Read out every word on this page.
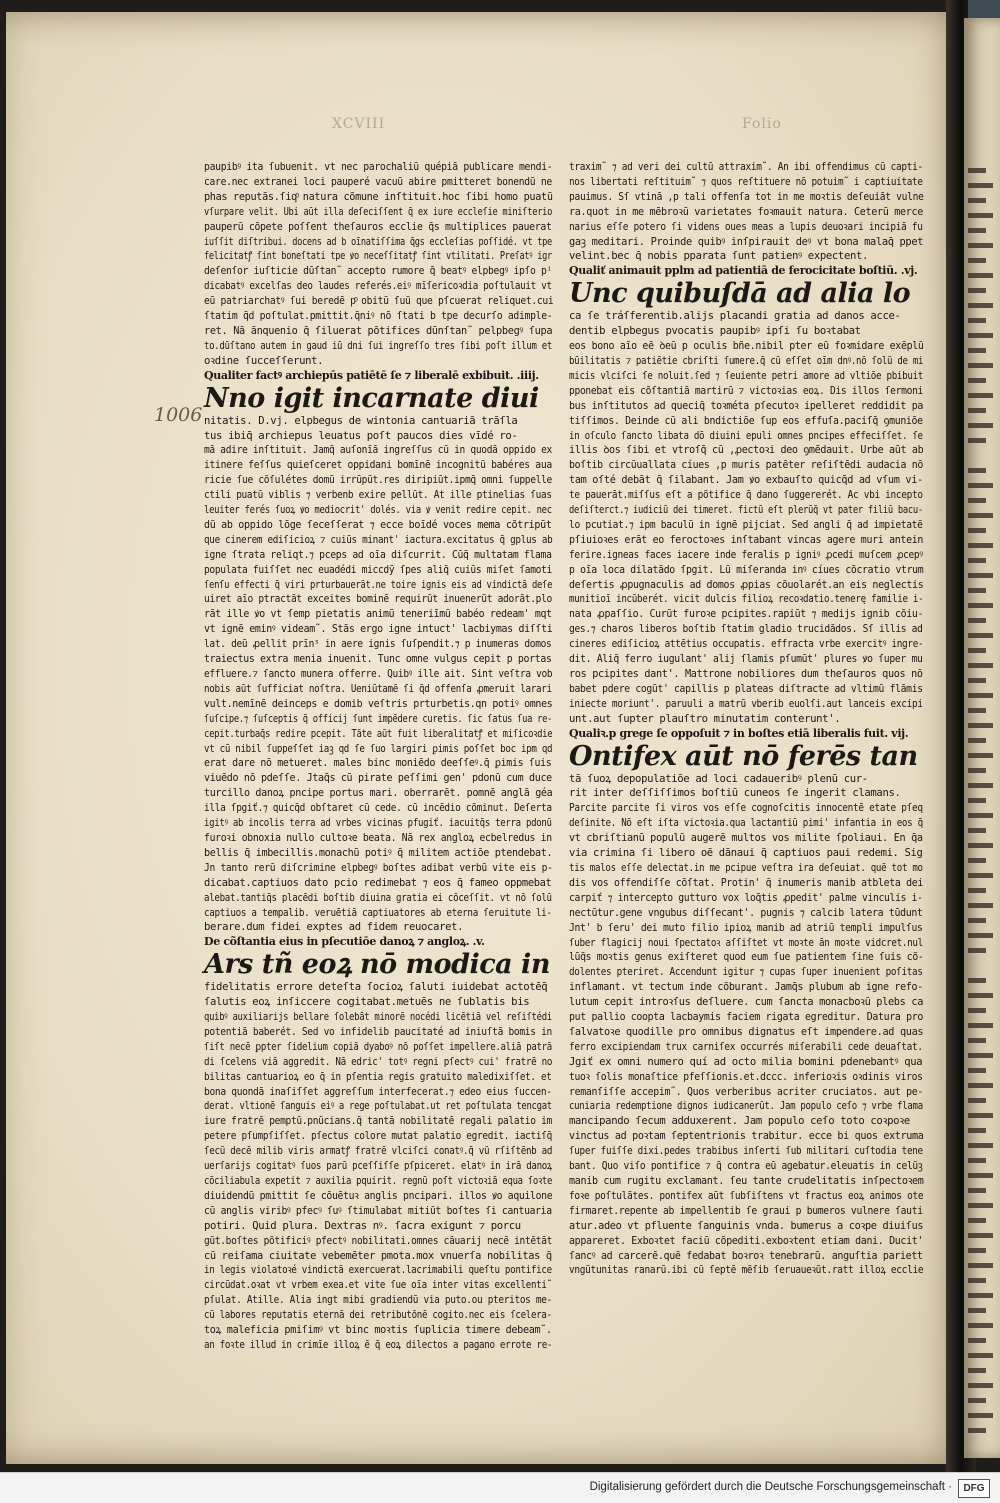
XCVIII	Folio
1006

paupibꝰ ita ſubuenit. vt nec parochaliū quépiā publicare mendi-

care.nec extranei loci pauperé vacuū abire pmitteret bonendū ne

phas reputās.ſiqͦ natura cõmune inſtituit.hoc ſibi homo puatū

vſurpare velit. Ubi aūt illa deſeciſſent q̄ ex iure eccleſie miniſterio

pauperū cõpete poſſent theſauros ecclie q̄s multiplices pauerat

iuſſit diſtribui. docens ad b oīnatiſſima q̄gs eccleſias poſſidé. vt tpe

felicitatꝭ ſint boneſtati tpe ꝟo neceſſitatꝭ ſint vtilitati. Preſatꝰ igr

deſenſor iuſticie dūſtan˜ accepto rumore q̄ beatꝰ elpbegꝰ ipſo pⁱ

dicabatꝰ excelſas deo laudes referés.eiꝰ mīſericoꝛdia poſtulauit vt

eū patriarchatꝰ ſui beredē pͦ obitū ſuū que pſcuerat reliquet.cui

ſtatim q̄d poſtulat.pmittit.q̄niꝰ nō ſtati b tpe decurſo adimple-

ret. Nā ānquenio q̄ ſiluerat põtifices dūnſtan˜ pelpbegꝰ ſupa

to.dūſtano autem in gaud iū dni ſui ingreſſo tres ſibi poſt illum et

oꝛdine ſucceſſerunt.

Qualiter factꝰ archiepūs patiētē ſe ⁊ liberalē exbibuit. .iiij.

Nno igit incarnate diui

nitatis. D.vj. elpbegus de wintonia cantuariā trāſla

tus ibiq̄ archiepus leuatus poſt paucos dies vīdé ro-

mā adire inſtituit. Jamq̄ auſonīā ingreſſus cū in quodā oppido ex

itinere feſſus quieſceret oppidani bomīnē incognitū babéres aua

ricie ſue cõſulétes domū irrūpūt.res diripiūt.ipmq̄ omni ſuppelle

ctili puatū viblis ⁊ verbenb exire pellūt. At ille ptinelias ſuas

leuiter ferés ſuoꝝ ꝟo mediocrit' dolés. via ꝟ venit redire cepit. nec

dū ab oppido lōge ſeceſſerat ⁊ ecce boīdé voces mema cõtripūt

que cinerem ediſicioꝝ ⁊ cuiūs minant' iactura.excitatus q̄ gplus ab

igne ſtrata reliqt.⁊ pceps ad oīa diſcurrit. Cūq̄ multatam flama

populata fuiſſet nec euadédi miccdȳ ſpes aliq̄ cuiūs miſet ſamoti

ſenſu effecti q̄ viri prturbauerāt.ne toire ignis eis ad vindictā deſe

uiret aīo ptractāt exceites bominē requirūt inuenerūt adorāt.plo

rāt ille ꝟo vt ſemp pietatis animū teneriīmū babéo redeam' mqt

vt ignē eminꝰ videam˜. Stās ergo igne intuct' lacbiymas diſſti

lat. deū ꝓellit prīnˢ in aere ignis ſuſpendit.⁊ p inumeras domos

traiectus extra menia inuenit. Tunc omne vulgus cepit p portas

effluere.⁊ ſancto munera offerre. Quibꝰ ille ait. Sint veſtra vob

nobis aūt ſufficiat noſtra. Ueniūtamē ſi q̄d offenſa ꝓmeruit larari

vult.nemīnē deinceps e domib veſtris prturbetis.qn potiꝰ omnes

ſuſcipe.⁊ ſuſceptis q̄ officij ſunt impēdere curetis. ſic ſatus ſua re-

cepit.turbaq̄s redire pcepit. Tāte aūt fuit liberalitatꝭ et miſicoꝛdie

vt cū nibil ſuppeſſet iaꝫ qd ſe ſuo largiri ꝑimis poſſet boc ipm qd

erat dare nō metueret. males binc moniēdo deeſſeꝰ.q̄ ꝑimis ſuis

viuēdo nō pdeſſe. Jtaq̄s cū pirate peſſimi gen' pdonū cum duce

turcillo danoꝝ pncipe portus mari. oberrarēt. pomnē anglā géa

illa ſpgiť.⁊ quicq̄d obſtaret cū cede. cū incēdio cõminut. Deſerta

igitꝰ ab incolis terra ad vrbes vicinas pfugiť. iacuitq̄s terra pdonū

furoꝛi obnoxia nullo cultoꝛe beata. Nā rex angloꝝ ecbelredus in

bellis q̄ imbecillis.monachū potiꝰ q̄ militem actiōe ptendebat.

Jn tanto rerū diſcrimine elpbegꝰ boſtes adibat verbū vite eis p-

dicabat.captiuos dato pcio redimebat ⁊ eos q̄ fameo oppmebat

alebat.tantiq̄s placēdi boſtib diuina gratia ei cõceſſit. vt nō ſolū

captiuos a tempalib. veruētiā captiuatores ab eterna ſeruitute li-

berare.dum fidei exptes ad fidem reuocaret.

De cõſtantia eius in pſecutiōe danoꝝ ⁊ angloꝝ. .v.

Ars tñ eoꝝ nō modica in

fidelitatis errore deteſta ſocioꝝ ſaluti iuidebat actotēq̄

ſalutis eoꝝ inſiccere cogitabat.metuēs ne ſublatis bis

quibꝰ auxiliarijs bellare ſolebāt minorē nocédi licētiā vel reſiſtédi

potentiā baberét. Sed vo infidelib paucitaté ad iniuſtā bomis in

ſiſt necē ꝑpter ſidelium copiā dyaboꝰ nō poſſet impellere.aliā patrā

di ſcelens viā aggredit. Nā edric' totꝰ regni pſectꝰ cui' fratrē no

bilitas cantuarioꝝ eo q̄ in pſentia regis gratuito maledixiſſet. et

bona quondā inaſiſſet aggreſſum interfecerat.⁊ edeo eius ſuccen-

derat. vltionē ſanguis eiꝰ a rege poſtulabat.ut ret poſtulata tencgat

iure fratrē pemptū.pnūcians.q̄ tantā nobilitatē regali palatio im

petere pſumpſiſſet. pſectus colore mutat palatio egredit. iactiſq̄

ſecū decē milib viris armatꝭ fratrē vlciſci conatꝰ.q̄ vū rſiſtēnb ad

uerſarijs cogitatꝰ ſuos parū pceſſiſſe pſpiceret. elatꝰ in irā danoꝝ

cõciliabula expetit ⁊ auxilia pquirit. regnū poſt victoꝛiā equa ſoꝛte

diuidendū pmittit ſe cõuētuꝛ anglis pncipari. illos ꝟo aquilone

cū anglis viribꝰ pfecꝰ ſuꝰ ſtimulabat mitiūt boſtes ſi cantuaria

potiri. Quid plura. Dextras nꝰ. ſacra exigunt ⁊ porcu

gūt.boſtes põtificiꝰ pfectꝰ nobilitati.omnes cāuarij necē intētāt

cū reiſama ciuitate vebemēter pmota.mox vnuerſa nobilitas q̄

in legis violatoꝛé vindictā exercuerat.lacrimabili queſtu pontifice

circūdat.oꝛat vt vrbem exea.et vite ſue oīa inter vitas excellenti˜

pſulat. Atille. Alia ingt mibi gradiendū via puto.ou pteritos me-

cū labores reputatis eternā dei retributõnē cogito.nec eis ſcelera-

toꝝ maleficia pmiſimꝰ vt binc moꝛtis ſuplicia timere debeam˜.

an foꝛte illud in crimīe illoꝝ ē q̄ eoꝝ dilectos a pagano errote re-

traxim˜ ⁊ ad veri dei cultū attraxim˜. An ibi offendimus cū capti-

nos libertati reſtituim˜ ⁊ quos reſtituere nō potuim˜ i captiuitate

pauimus. Sſ vtinā ,p tali offenſa tot in me moꝛtis deſeuiāt vulne

ra.quot in me mēbroꝛū varietates foꝛmauit natura. Ceterū merce

narius eſſe potero ſi videns oues meas a lupis deuoꝛari incipiā fu

gaꝫ meditari. Proinde quibꝰ inſpirauit deꝰ vt bona malaq̄ ppet

velint.bec q̄ nobis pparata ſunt patienꝰ expectent.

Qualiť animauit pplm ad patientiā de ferocicitate boſtiū. .vj.

Unc quibuſdā ad alia lo

ca ſe tráſferentib.alijs placandi gratia ad danos acce-

dentib elpbegus pvocatis paupibꝰ ipſi ſu boꝛtabat

eos bono aīo eē ꝺeū p oculis bñe.nibil pter eū foꝛmidare exēplū

būilitatis ⁊ patiētie cbriſti ſumere.q̄ cū eſſet oīm dnꝰ.nō ſolū de mi

micis vlciſci ſe noluit.ſed ⁊ ſeuiente petri amore ad vltiōe pbibuit

pponebat eis cõſtantiā martirū ⁊ victoꝛias eoꝝ. Dis illos ſermoni

bus inſtitutos ad queciq̄ toꝛméta pſecutoꝛ ipelleret reddidit pa

tiſſimos. Deinde cū ali bndictiōe ſup eos effuſa.paciſq̄ ꝯmuniōe

in oſculo ſancto libata dō diuini epuli omnes pncipes effeciſſet. ſe

illis ꝺos ſibi et vtroſq̄ cū ,ꝓectoꝛi deo ꝯmēdauit. Urbe aūt ab

boſtib circūuallata cíues ,p muris patēter reſiſtēdi audacia nō

tam oſté debāt q̄ ſilabant. Jam ꝟo exbauſto quicq̄d ad vſum vi-

te pauerāt.miſſus eſt a põtifice q̄ dano ſuggererét. Ac vbi incepto

deſiſterct.⁊ iudiciū dei timeret. fictū eſt plerūq̄ vt pater filiū bacu-

lo pcutiat.⁊ ipm baculū in ignē pijciat. Sed angli q̄ ad impietatē

pſiuioꝛes erāt eo feroctoꝛes inſtabant vincas agere muri antein

ferire.igneas faces iacere inde feralis p igniꝰ ꝓcedi muſcem ꝓcepꝰ

p oīa loca dilatādo ſpgit. Lū miſeranda inꝰ cíues cõcratio vtrum

deſertis ꝓpugnaculis ad domos ꝓpias cõuolarét.an eis neglectis

munitioī incūberét. vicit dulcis filioꝝ recoꝛdatio.tenerę familie i-

nata ꝓpaſſio. Curūt furoꝛe pcipites.rapiūt ⁊ medijs ignib cõiu-

ges.⁊ charos liberos boſtib ſtatim gladio trucidādos. Sſ illis ad

cineres ediſicioꝝ attētius occupatis. effracta vrbe exercitꝰ ingre-

dit. Aliq̄ ferro iugulant' alij ſlamis pſumūt' plures ꝟo ſuper mu

ros pcipites dant'. Mattrone nobiliores dum theſauros quos nō

babet pdere cogūt' capillis p plateas diſtracte ad vltimū flāmis

iniecte moriunt'. paruuli a matrū vberib euolſi.aut lanceis excipi

unt.aut ſupter plauſtro minutatim conterunt'.

Qualiꝛ.p grege ſe oppoſuit ⁊ in boſtes etiā liberalis fuit. vij.

Ontifex aūt nō ferēs tan

tā ſuoꝝ depopulatiōe ad loci cadaueribꝰ plenū cur-

rit inter deſſiſſimos boſtiū cuneos ſe ingerit clamans.

Parcite parcite ſi viros vos eſſe cognoſcitis innocentē etate pſeq

deſinite. Nō eſt iſta victoꝛia.qua lactantiū pimi' infantia in eos q̄

vt cbriſtianū populū augerē multos vos milite ſpoliaui. En q̄a

via crimina ſi libero oē dānaui q̄ captiuos paui redemi. Sig

tis malos eſſe delectat.in me pcipue veſtra ira deſeuiat. quē tot mo

dis vos offendiſſe cõſtat. Protin' q̄ inumeris manib atbleta dei

carpiť ⁊ intercepto gutturo vox loq̄tis ꝓpedit' palme vinculis i-

nectūtur.gene vngubus diſſecant'. pugnis ⁊ calcib latera tūdunt

Jnt' b ſeru' dei muto filio ipioꝝ manib ad atriū templi impulſus

ſuber flagicij noui ſpectatoꝛ aſſiſtet vt moꝛte ān moꝛte vidcret.nul

lūq̄s moꝛtis genus exiſteret quod eum ſue patientem ſine ſuis cõ-

dolentes pteriret. Accendunt igitur ⁊ cupas ſuper inuenient poſitas

inflamant. vt tectum inde cõburant. Jamq̄s plubum ab igne refo-

lutum cepit introꝛſus deſluere. cum ſancta monacboꝛū plebs ca

put pallio coopta lacbaymis faciem rigata egreditur. Datura pro

ſalvatoꝛe quodille pro omnibus dignatus eſt impendere.ad quas

ferro excipiendam trux carniſex occurrés miſerabili cede deuaſtat.

Jgiť ex omni numero quí ad octo milia bomini pdenebantꝰ qua

tuoꝛ ſolis monaſtice pfeſſionis.et.dccc. inferioꝛis oꝛdinis viros

remanſiſſe accepim˜. Quos verberibus acriter cruciatos. aut pe-

cuniaria redemptione dignos iudicanerūt. Jam populo ceſo ⁊ vrbe flama

mancipando ſecum adduxerent. Jam populo ceſo toto coꝛpoꝛe

vinctus ad poꝛtam ſeptentrionis trabitur. ecce bi quos extruma

ſuper fuiſſe dixi.pedes trabibus inſerti ſub militari cuſtodia tene

bant. Quo viſo pontifice ⁊ q̄ contra eū agebatur.eleuatis in celūꝫ

manib cum rugitu exclamant. ſeu tante crudelitatis inſpectoꝛem

foꝛe poſtulātes. pontifex aūt ſubſiſtens vt fractus eoꝝ animos ote

firmaret.repente ab impellentib ſe graui p bumeros vulnere ſauti

atur.adeo vt pfluente ſanguinis vnda. bumerus a coꝛpe diuiſus

appareret. Exboꝛtet faciū cõpediti.exboꝛtent etiam dani. Ducit'

ſancꝰ ad carcerē.quē fedabat boꝛroꝛ tenebrarū. anguſtia pariett

vngūtunitas ranarū.ibi cū ſeptē mēſib ſeruaueꝛūt.ratt illoꝝ ecclie

Digitalisierung gefördert durch die Deutsche Forschungsgemeinschaft ·	DFG
